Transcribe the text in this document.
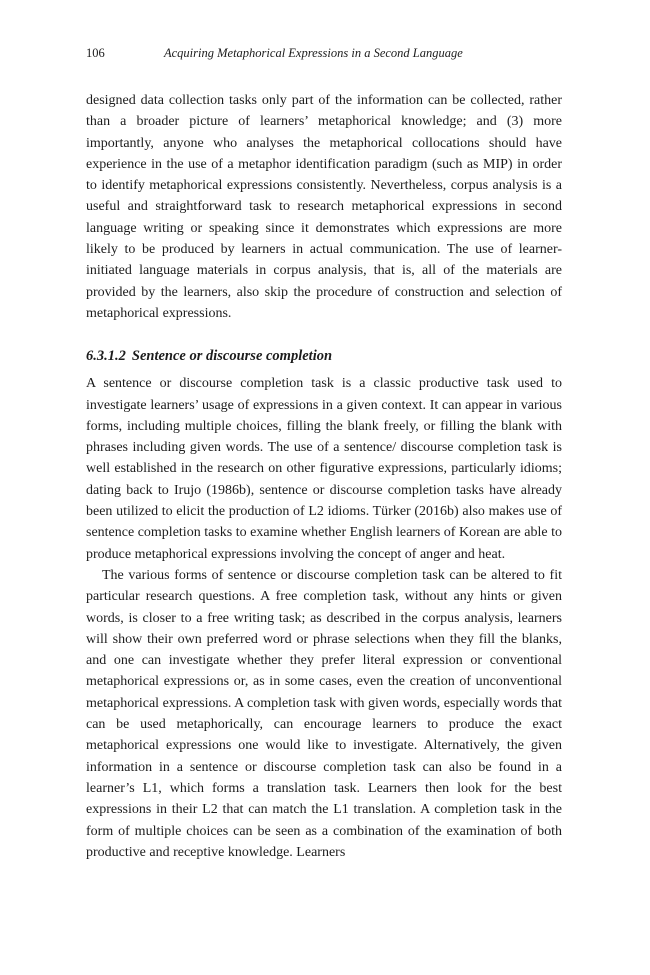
106	Acquiring Metaphorical Expressions in a Second Language

designed data collection tasks only part of the information can be collected, rather than a broader picture of learners’ metaphorical knowledge; and (3) more importantly, anyone who analyses the metaphorical collocations should have experience in the use of a metaphor identification paradigm (such as MIP) in order to identify metaphorical expressions consistently. Nevertheless, corpus analysis is a useful and straightforward task to research metaphorical expressions in second language writing or speaking since it demonstrates which expressions are more likely to be produced by learners in actual communication. The use of learner-initiated language materials in corpus analysis, that is, all of the materials are provided by the learners, also skip the procedure of construction and selection of metaphorical expressions.

6.3.1.2 Sentence or discourse completion

A sentence or discourse completion task is a classic productive task used to investigate learners’ usage of expressions in a given context. It can appear in various forms, including multiple choices, filling the blank freely, or filling the blank with phrases including given words. The use of a sentence/ discourse completion task is well established in the research on other figurative expressions, particularly idioms; dating back to Irujo (1986b), sentence or discourse completion tasks have already been utilized to elicit the production of L2 idioms. Türker (2016b) also makes use of sentence completion tasks to examine whether English learners of Korean are able to produce metaphorical expressions involving the concept of anger and heat.

The various forms of sentence or discourse completion task can be altered to fit particular research questions. A free completion task, without any hints or given words, is closer to a free writing task; as described in the corpus analysis, learners will show their own preferred word or phrase selections when they fill the blanks, and one can investigate whether they prefer literal expression or conventional metaphorical expressions or, as in some cases, even the creation of unconventional metaphorical expressions. A completion task with given words, especially words that can be used metaphorically, can encourage learners to produce the exact metaphorical expressions one would like to investigate. Alternatively, the given information in a sentence or discourse completion task can also be found in a learner’s L1, which forms a translation task. Learners then look for the best expressions in their L2 that can match the L1 translation. A completion task in the form of multiple choices can be seen as a combination of the examination of both productive and receptive knowledge. Learners
